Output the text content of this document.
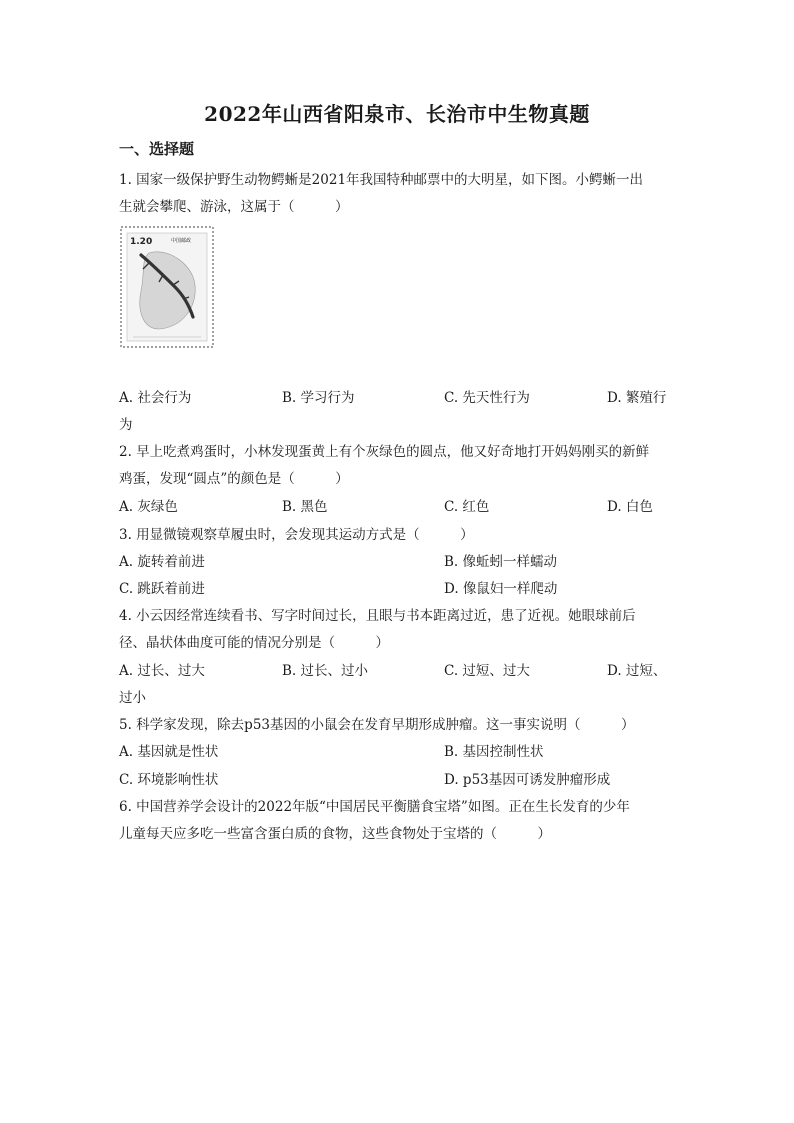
2022年山西省阳泉市、长治市中生物真题
一、选择题
1. 国家一级保护野生动物鳄蜥是2021年我国特种邮票中的大明星，如下图。小鳄蜥一出
生就会攀爬、游泳，这属于（　　　）
1.20	中国邮政
A. 社会行为	B. 学习行为	C. 先天性行为	D. 繁殖行
为
2. 早上吃煮鸡蛋时，小林发现蛋黄上有个灰绿色的圆点，他又好奇地打开妈妈刚买的新鲜
鸡蛋，发现“圆点”的颜色是（　　　）
A. 灰绿色	B. 黑色	C. 红色	D. 白色
3. 用显微镜观察草履虫时，会发现其运动方式是（　　　）
A. 旋转着前进	B. 像蚯蚓一样蠕动
C. 跳跃着前进	D. 像鼠妇一样爬动
4. 小云因经常连续看书、写字时间过长，且眼与书本距离过近，患了近视。她眼球前后
径、晶状体曲度可能的情况分别是（　　　）
A. 过长、过大	B. 过长、过小	C. 过短、过大	D. 过短、
过小
5. 科学家发现，除去p53基因的小鼠会在发育早期形成肿瘤。这一事实说明（　　　）
A. 基因就是性状	B. 基因控制性状
C. 环境影响性状	D. p53基因可诱发肿瘤形成
6. 中国营养学会设计的2022年版“中国居民平衡膳食宝塔”如图。正在生长发育的少年
儿童每天应多吃一些富含蛋白质的食物，这些食物处于宝塔的（　　　）
